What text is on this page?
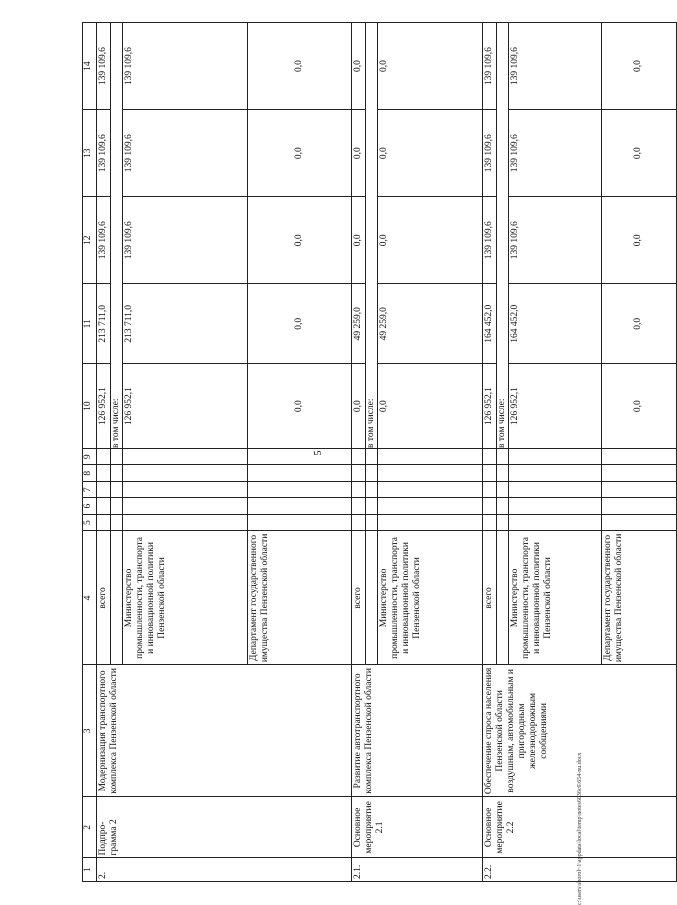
5
c:\users\sborol~1\appdata\local\temp\notes6036c6\654-nu.docx
1	2	3	4	5	6	7	8	9	10	11	12	13	14
2.	Подпро-грамма 2	Модернизация транспортного комплекса Пензенской области	всего						126 952,1	213 711,0	139 109,6	139 109,6	139 109,6
									в том числе:				
			Министерство промышленности, транспорта и инновационной политики Пензенской области						126 952,1	213 711,0	139 109,6	139 109,6	139 109,6
			Департамент государственного имущества Пензенской области						0,0	0,0	0,0	0,0	0,0
2.1.	Основное мероприятие 2.1	Развитие автотранспортного комплекса Пензенской области	всего						0,0	49 259,0	0,0	0,0	0,0
									в том числе:				
			Министерство промышленности, транспорта и инновационной политики Пензенской области						0,0	49 259,0	0,0	0,0	0,0
2.2.	Основное мероприятие 2.2	Обеспечение спроса населения Пензенской области воздушным, автомобильным и пригородным железнодорожным сообщениями	всего						126 952,1	164 452,0	139 109,6	139 109,6	139 109,6
									в том числе:				
			Министерство промышленности, транспорта и инновационной политики Пензенской области						126 952,1	164 452,0	139 109,6	139 109,6	139 109,6
			Департамент государственного имущества Пензенской области						0,0	0,0	0,0	0,0	0,0
